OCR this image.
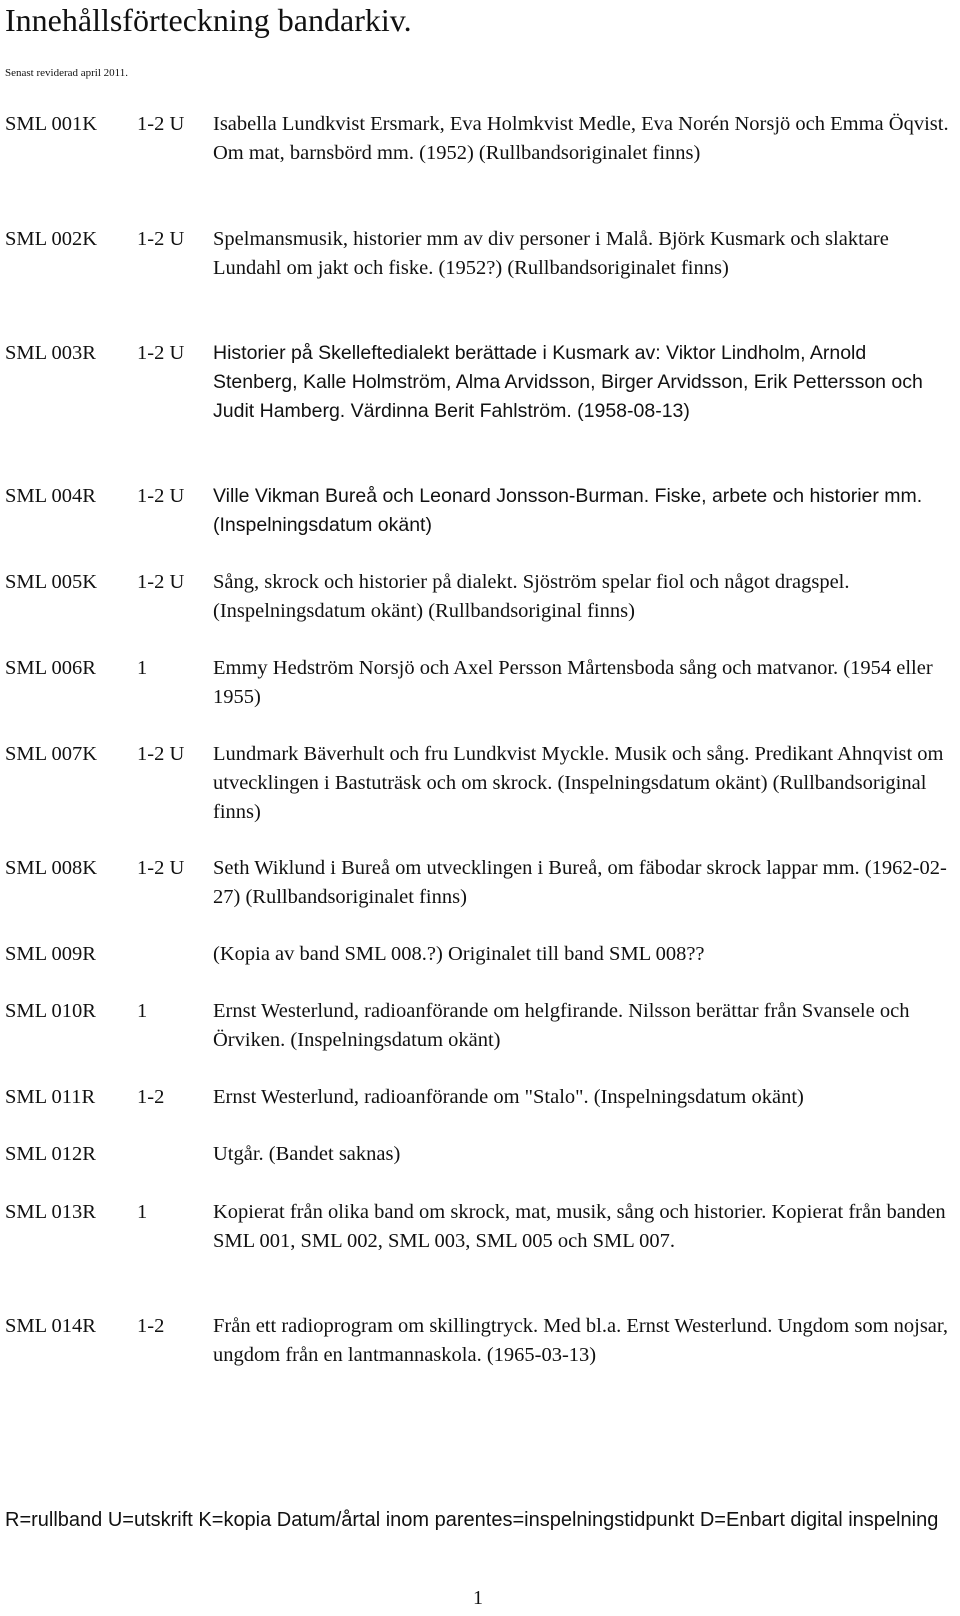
Innehållsförteckning bandarkiv.
Senast reviderad april 2011.
SML 001K 1-2 U Isabella Lundkvist Ersmark, Eva Holmkvist Medle, Eva Norén Norsjö och Emma Öqvist. Om mat, barnsbörd mm. (1952) (Rullbandsoriginalet finns)
SML 002K 1-2 U Spelmansmusik, historier mm av div personer i Malå. Björk Kusmark och slaktare Lundahl om jakt och fiske. (1952?) (Rullbandsoriginalet finns)
SML 003R 1-2 U Historier på Skelleftedialekt berättade i Kusmark av: Viktor Lindholm, Arnold Stenberg, Kalle Holmström, Alma Arvidsson, Birger Arvidsson, Erik Pettersson och Judit Hamberg. Värdinna Berit Fahlström. (1958-08-13)
SML 004R 1-2 U Ville Vikman Bureå och Leonard Jonsson-Burman. Fiske, arbete och historier mm. (Inspelningsdatum okänt)
SML 005K 1-2 U Sång, skrock och historier på dialekt. Sjöström spelar fiol och något dragspel. (Inspelningsdatum okänt) (Rullbandsoriginal finns)
SML 006R 1	Emmy Hedström Norsjö och Axel Persson Mårtensboda sång och matvanor. (1954 eller 1955)
SML 007K 1-2 U Lundmark Bäverhult och fru Lundkvist Myckle. Musik och sång. Predikant Ahnqvist om utvecklingen i Bastuträsk och om skrock. (Inspelningsdatum okänt) (Rullbandsoriginal finns)
SML 008K 1-2 U Seth Wiklund i Bureå om utvecklingen i Bureå, om fäbodar skrock lappar mm. (1962-02-27) (Rullbandsoriginalet finns)
SML 009R	(Kopia av band SML 008.?) Originalet till band SML 008??
SML 010R 1	Ernst Westerlund, radioanförande om helgfirande. Nilsson berättar från Svansele och Örviken. (Inspelningsdatum okänt)
SML 011R 1-2 Ernst Westerlund, radioanförande om "Stalo". (Inspelningsdatum okänt)
SML 012R	Utgår. (Bandet saknas)
SML 013R 1	Kopierat från olika band om skrock, mat, musik, sång och historier. Kopierat från banden SML 001, SML 002, SML 003, SML 005 och SML 007.
SML 014R 1-2 Från ett radioprogram om skillingtryck. Med bl.a. Ernst Westerlund. Ungdom som nojsar, ungdom från en lantmannaskola. (1965-03-13)
R=rullband U=utskrift K=kopia Datum/årtal inom parentes=inspelningstidpunkt D=Enbart digital inspelning
1
